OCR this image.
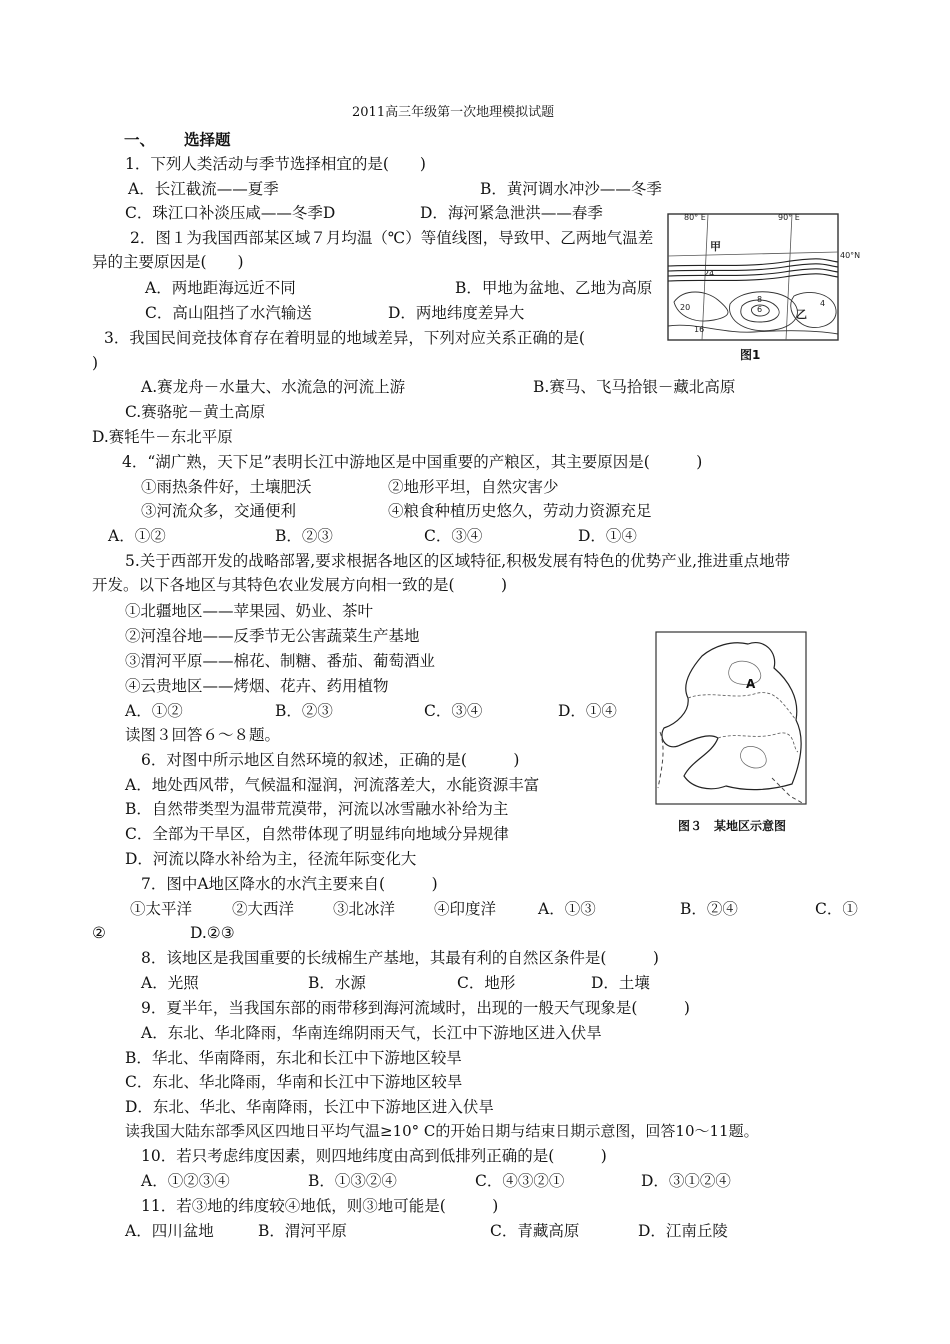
2011高三年级第一次地理模拟试题
一、 选择题
1．下列人类活动与季节选择相宜的是(　　)
A．长江截流——夏季	B．黄河调水冲沙——冬季
C．珠江口补淡压咸——冬季D	D．海河紧急泄洪——春季
2．图１为我国西部某区域７月均温（℃）等值线图，导致甲、乙两地气温差
异的主要原因是(　　)
A．两地距海远近不同	B．甲地为盆地、乙地为高原
C．高山阻挡了水汽输送	D．两地纬度差异大
3．我国民间竞技体育存在着明显的地域差异，下列对应关系正确的是(
)
A.赛龙舟－水量大、水流急的河流上游	B.赛马、飞马拾银－藏北高原
C.赛骆驼－黄土高原
D.赛牦牛－东北平原
4．“湖广熟，天下足”表明长江中游地区是中国重要的产粮区，其主要原因是(　　　)
①雨热条件好，土壤肥沃	②地形平坦，自然灾害少
③河流众多，交通便利	④粮食种植历史悠久，劳动力资源充足
A．①②	B．②③	C．③④	D．①④
5.关于西部开发的战略部署,要求根据各地区的区域特征,积极发展有特色的优势产业,推进重点地带
开发。以下各地区与其特色农业发展方向相一致的是(　　　)
①北疆地区——苹果园、奶业、茶叶
②河湟谷地——反季节无公害蔬菜生产基地
③渭河平原——棉花、制糖、番茄、葡萄酒业
④云贵地区——烤烟、花卉、药用植物
A．①②	B．②③	C．③④	D．①④
读图３回答６～８题。
6．对图中所示地区自然环境的叙述，正确的是(　　　)
A．地处西风带，气候温和湿润，河流落差大，水能资源丰富
B．自然带类型为温带荒漠带，河流以冰雪融水补给为主
C．全部为干旱区，自然带体现了明显纬向地域分异规律
D．河流以降水补给为主，径流年际变化大
7．图中A地区降水的水汽主要来自(　　　)
①太平洋	②大西洋	③北冰洋	④印度洋	A．①③	B．②④	C．①
②	D.②③
8．该地区是我国重要的长绒棉生产基地，其最有利的自然区条件是(　　　)
A．光照	B．水源	C．地形	D．土壤
9．夏半年，当我国东部的雨带移到海河流域时，出现的一般天气现象是(　　　)
A．东北、华北降雨，华南连绵阴雨天气，长江中下游地区进入伏旱
B．华北、华南降雨，东北和长江中下游地区较旱
C．东北、华北降雨，华南和长江中下游地区较旱
D．东北、华北、华南降雨，长江中下游地区进入伏旱
读我国大陆东部季风区四地日平均气温≥10° C的开始日期与结束日期示意图，回答10～11题。
10．若只考虑纬度因素，则四地纬度由高到低排列正确的是(　　　)
A．①②③④	B．①③②④	C．④③②①	D．③①②④
11．若③地的纬度较④地低，则③地可能是(　　　)
A．四川盆地	B．渭河平原	C．青藏高原	D．江南丘陵
80° E	90° E
40°N
甲
乙
24
8
6
20
16
4
图1
A
图３　某地区示意图
